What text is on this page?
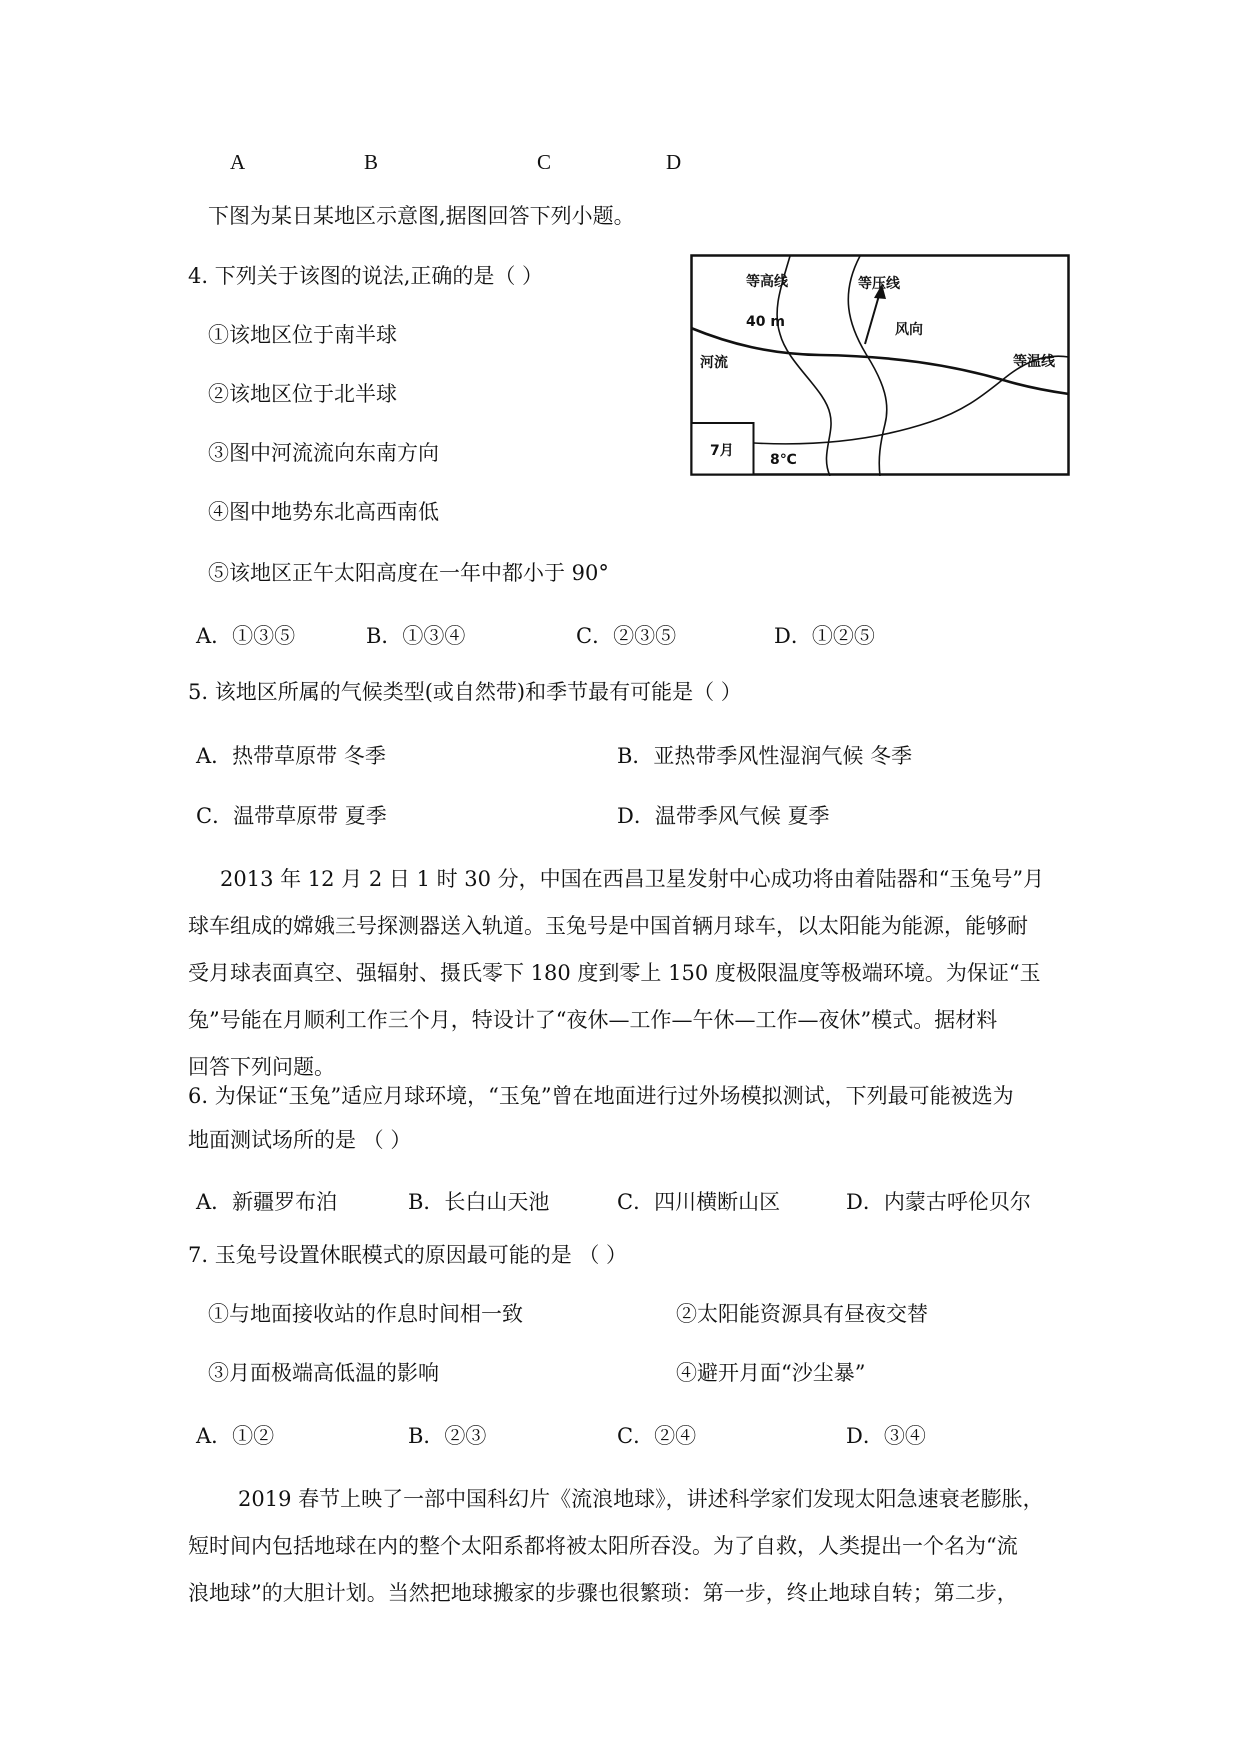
A	B	C	D
下图为某日某地区示意图,据图回答下列小题。
4. 下列关于该图的说法,正确的是（ ）
①该地区位于南半球
②该地区位于北半球
③图中河流流向东南方向
④图中地势东北高西南低
⑤该地区正午太阳高度在一年中都小于 90°
A．①③⑤	B．①③④	C．②③⑤	D．①②⑤
等高线
40 m
等压线
风向
河流	等温线
7月
8℃
5. 该地区所属的气候类型(或自然带)和季节最有可能是（ ）
A．热带草原带 冬季	B．亚热带季风性湿润气候 冬季
C．温带草原带 夏季	D．温带季风气候 夏季
2013 年 12 月 2 日 1 时 30 分，中国在西昌卫星发射中心成功将由着陆器和“玉兔号”月
球车组成的嫦娥三号探测器送入轨道。玉兔号是中国首辆月球车，以太阳能为能源，能够耐
受月球表面真空、强辐射、摄氏零下 180 度到零上 150 度极限温度等极端环境。为保证“玉
兔”号能在月顺利工作三个月，特设计了“夜休—工作—午休—工作—夜休”模式。据材料
回答下列问题。
6. 为保证“玉兔”适应月球环境，“玉兔”曾在地面进行过外场模拟测试，下列最可能被选为
地面测试场所的是 （ ）
A．新疆罗布泊	B．长白山天池	C．四川横断山区	D．内蒙古呼伦贝尔
7. 玉兔号设置休眠模式的原因最可能的是 （ ）
①与地面接收站的作息时间相一致	②太阳能资源具有昼夜交替
③月面极端高低温的影响	④避开月面“沙尘暴”
A．①②	B．②③	C．②④	D．③④
2019 春节上映了一部中国科幻片《流浪地球》，讲述科学家们发现太阳急速衰老膨胀，
短时间内包括地球在内的整个太阳系都将被太阳所吞没。为了自救，人类提出一个名为“流
浪地球”的大胆计划。当然把地球搬家的步骤也很繁琐：第一步，终止地球自转；第二步，
